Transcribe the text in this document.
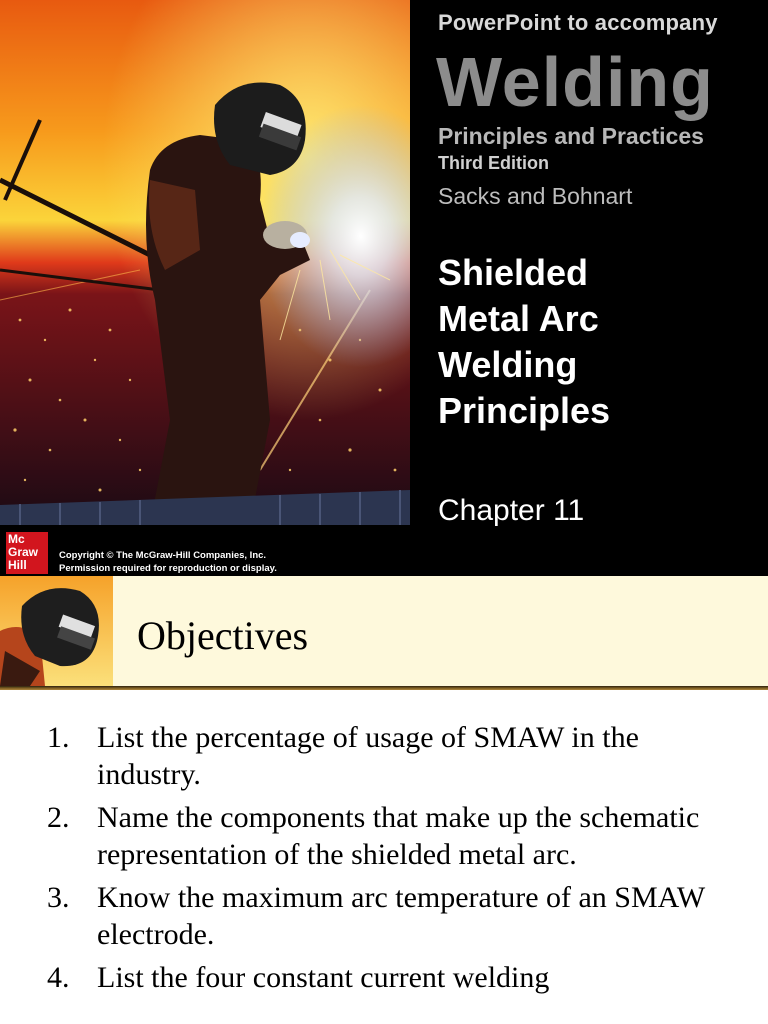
PowerPoint to accompany
Welding
Principles and Practices
Third Edition
Sacks and Bohnart
Shielded
Metal Arc
Welding
Principles
Chapter 11
Mc
Graw
Hill
Copyright © The McGraw-Hill Companies, Inc.
Permission required for reproduction or display.
Objectives
1. List the percentage of usage of SMAW in the industry.
2. Name the components that make up the schematic representation of the shielded metal arc.
3. Know the maximum arc temperature of an SMAW electrode.
4. List the four constant current welding
